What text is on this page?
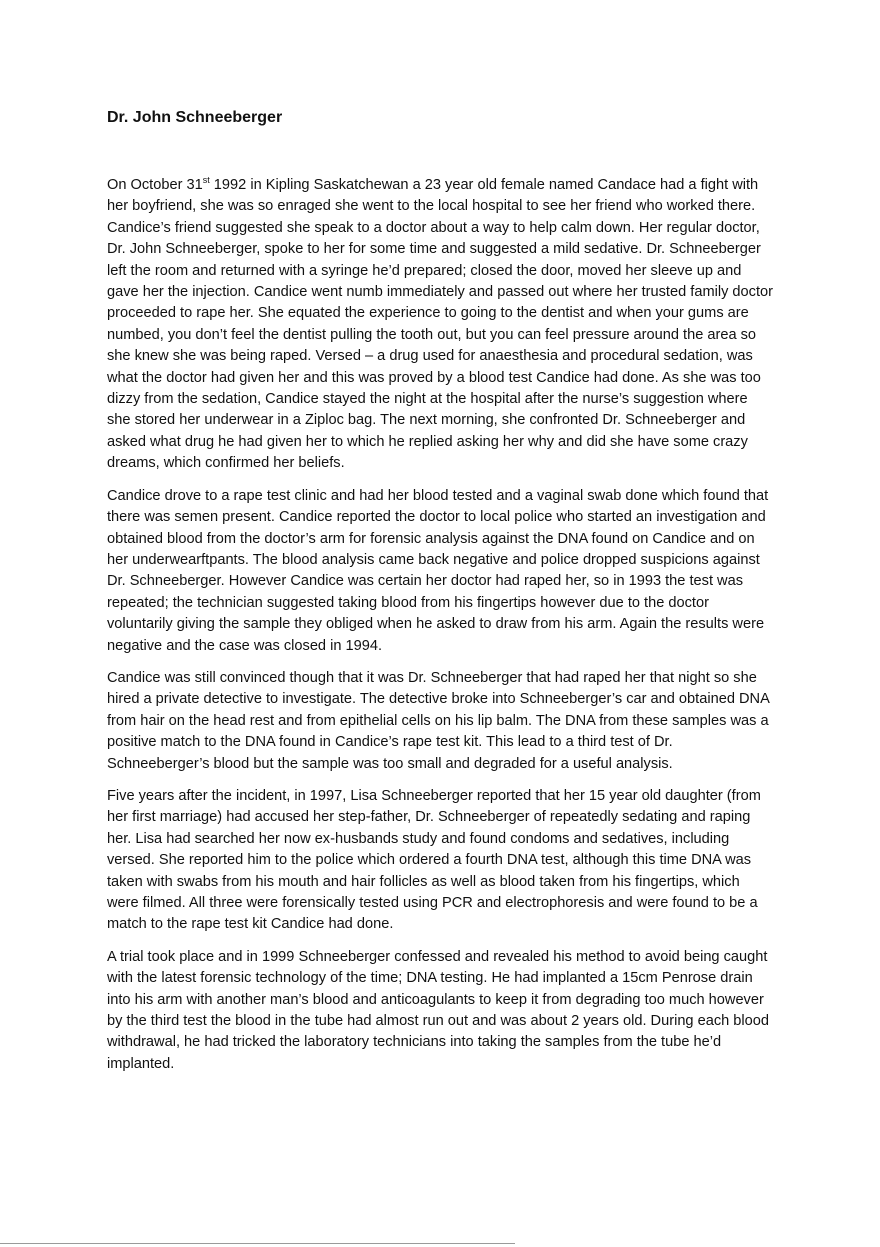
Dr. John Schneeberger

On October 31st 1992 in Kipling Saskatchewan a 23 year old female named Candace had a fight with her boyfriend, she was so enraged she went to the local hospital to see her friend who worked there. Candice’s friend suggested she speak to a doctor about a way to help calm down. Her regular doctor, Dr. John Schneeberger, spoke to her for some time and suggested a mild sedative. Dr. Schneeberger left the room and returned with a syringe he’d prepared; closed the door, moved her sleeve up and gave her the injection. Candice went numb immediately and passed out where her trusted family doctor proceeded to rape her. She equated the experience to going to the dentist and when your gums are numbed, you don’t feel the dentist pulling the tooth out, but you can feel pressure around the area so she knew she was being raped. Versed – a drug used for anaesthesia and procedural sedation, was what the doctor had given her and this was proved by a blood test Candice had done. As she was too dizzy from the sedation, Candice stayed the night at the hospital after the nurse’s suggestion where she stored her underwear in a Ziploc bag. The next morning, she confronted Dr. Schneeberger and asked what drug he had given her to which he replied asking her why and did she have some crazy dreams, which confirmed her beliefs.

Candice drove to a rape test clinic and had her blood tested and a vaginal swab done which found that there was semen present. Candice reported the doctor to local police who started an investigation and obtained blood from the doctor’s arm for forensic analysis against the DNA found on Candice and on her underwearftpants. The blood analysis came back negative and police dropped suspicions against Dr. Schneeberger. However Candice was certain her doctor had raped her, so in 1993 the test was repeated; the technician suggested taking blood from his fingertips however due to the doctor voluntarily giving the sample they obliged when he asked to draw from his arm. Again the results were negative and the case was closed in 1994.

Candice was still convinced though that it was Dr. Schneeberger that had raped her that night so she hired a private detective to investigate. The detective broke into Schneeberger’s car and obtained DNA from hair on the head rest and from epithelial cells on his lip balm. The DNA from these samples was a positive match to the DNA found in Candice’s rape test kit. This lead to a third test of Dr. Schneeberger’s blood but the sample was too small and degraded for a useful analysis.

Five years after the incident, in 1997, Lisa Schneeberger reported that her 15 year old daughter (from her first marriage) had accused her step-father, Dr. Schneeberger of repeatedly sedating and raping her. Lisa had searched her now ex-husbands study and found condoms and sedatives, including versed. She reported him to the police which ordered a fourth DNA test, although this time DNA was taken with swabs from his mouth and hair follicles as well as blood taken from his fingertips, which were filmed. All three were forensically tested using PCR and electrophoresis and were found to be a match to the rape test kit Candice had done.

A trial took place and in 1999 Schneeberger confessed and revealed his method to avoid being caught with the latest forensic technology of the time; DNA testing. He had implanted a 15cm Penrose drain into his arm with another man’s blood and anticoagulants to keep it from degrading too much however by the third test the blood in the tube had almost run out and was about 2 years old. During each blood withdrawal, he had tricked the laboratory technicians into taking the samples from the tube he’d implanted.
